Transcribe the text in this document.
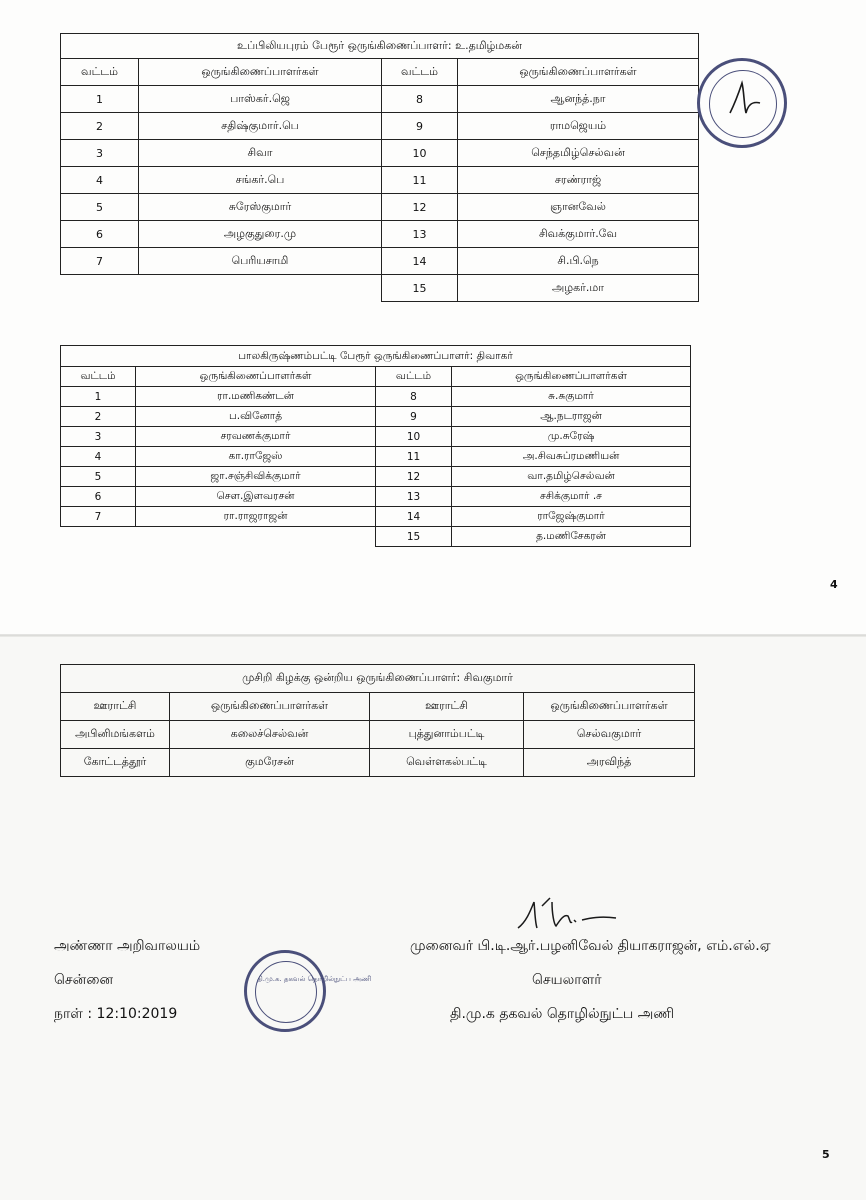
உப்பிலியபுரம் பேரூர் ஒருங்கிணைப்பாளர்: உ.தமிழ்மகன்			
வட்டம்	ஒருங்கிணைப்பாளர்கள்	வட்டம்	ஒருங்கிணைப்பாளர்கள்
1	பாஸ்கர்.ஜெ	8	ஆனந்த்.நா
2	சதிஷ்குமார்.பெ	9	ராமஜெயம்
3	சிவா	10	செந்தமிழ்செல்வன்
4	சங்கர்.பெ	11	சரண்ராஜ்
5	சுரேஸ்குமார்	12	ஞானவேல்
6	அழகுதுரை.மு	13	சிவக்குமார்.வே
7	பெரியசாமி	14	சி.பி.நெ
		15	அழகர்.மா
பாலகிருஷ்ணம்பட்டி பேரூர் ஒருங்கிணைப்பாளர்: திவாகர்			
வட்டம்	ஒருங்கிணைப்பாளர்கள்	வட்டம்	ஒருங்கிணைப்பாளர்கள்
1	ரா.மணிகண்டன்	8	சு.சுகுமார்
2	ப.வினோத்	9	ஆ.நடராஜன்
3	சரவணக்குமார்	10	மு.சுரேஷ்
4	கா.ராஜேஸ்	11	அ.சிவசுப்ரமணியன்
5	ஜா.சஞ்சிவிக்குமார்	12	வா.தமிழ்செல்வன்
6	சௌ.இளவரசன்	13	சசிக்குமார் .ச
7	ரா.ராஜராஜன்	14	ராஜேஷ்குமார்
		15	த.மணிசேகரன்
4
முசிறி கிழக்கு ஒன்றிய ஒருங்கிணைப்பாளர்: சிவகுமார்			
ஊராட்சி	ஒருங்கிணைப்பாளர்கள்	ஊராட்சி	ஒருங்கிணைப்பாளர்கள்
அபினிமங்களம்	கலைச்செல்வன்	புத்துனாம்பட்டி	செல்வகுமார்
கோட்டத்தூர்	குமரேசன்	வெள்ளகல்பட்டி	அரவிந்த்
அண்ணா அறிவாலயம்
சென்னை
நாள் : 12:10:2019
தி.மு.க. தகவல் தொழில்நுட்ப அணி
முனைவர் பி.டி.ஆர்.பழனிவேல் தியாகராஜன், எம்.எல்.ஏ
செயலாளர்
தி.மு.க தகவல் தொழில்நுட்ப அணி
5
